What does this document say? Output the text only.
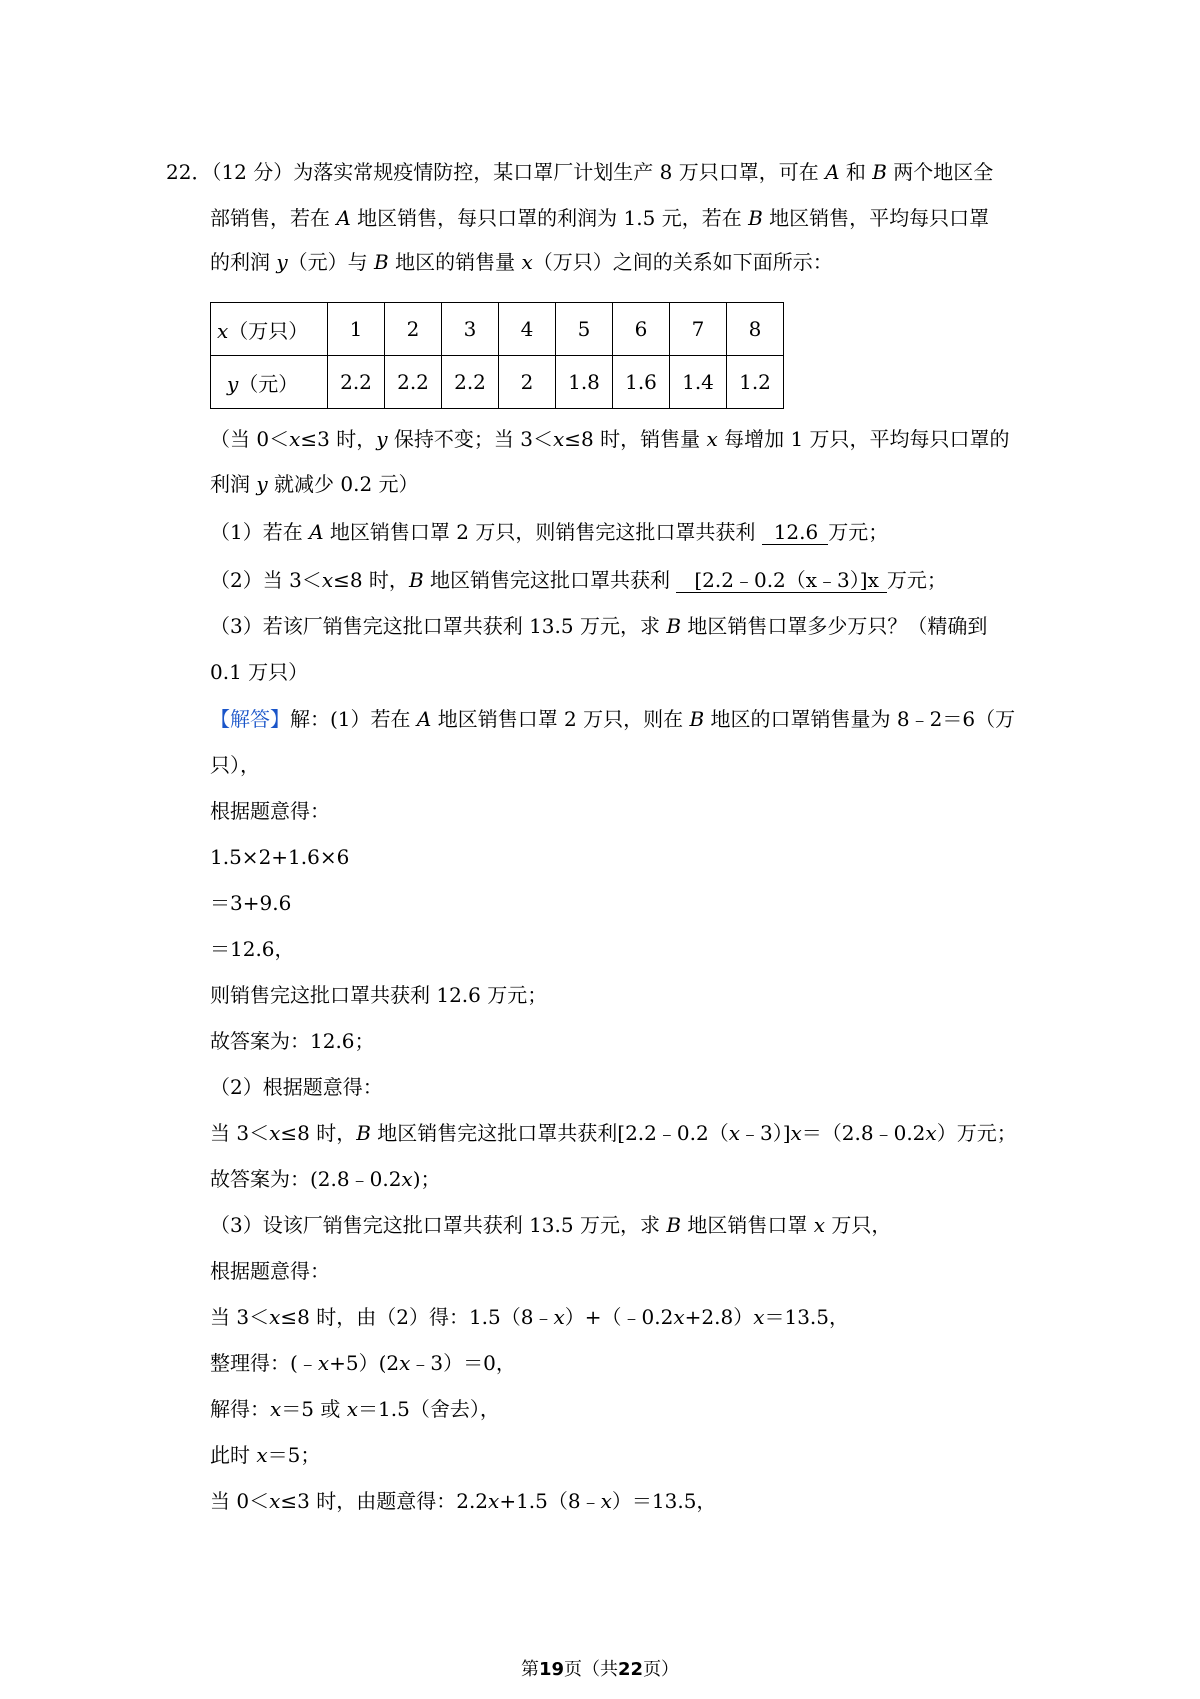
22．（12 分）为落实常规疫情防控，某口罩厂计划生产 8 万只口罩，可在 A 和 B 两个地区全
部销售，若在 A 地区销售，每只口罩的利润为 1.5 元，若在 B 地区销售，平均每只口罩
的利润 y（元）与 B 地区的销售量 x（万只）之间的关系如下面所示：
x（万只）	1	2	3	4	5	6	7	8
y（元）	2.2	2.2	2.2	2	1.8	1.6	1.4	1.2
（当 0＜x≤3 时，y 保持不变；当 3＜x≤8 时，销售量 x 每增加 1 万只，平均每只口罩的
利润 y 就减少 0.2 元）
（1）若在 A 地区销售口罩 2 万只，则销售完这批口罩共获利 12.6 万元；
（2）当 3＜x≤8 时，B 地区销售完这批口罩共获利 [2.2﹣0.2（x﹣3）]x 万元；
（3）若该厂销售完这批口罩共获利 13.5 万元，求 B 地区销售口罩多少万只？（精确到
0.1 万只）
【解答】解：(1）若在 A 地区销售口罩 2 万只，则在 B 地区的口罩销售量为 8﹣2＝6（万
只），
根据题意得：
1.5×2+1.6×6
＝3+9.6
＝12.6，
则销售完这批口罩共获利 12.6 万元；
故答案为：12.6；
（2）根据题意得：
当 3＜x≤8 时，B 地区销售完这批口罩共获利[2.2﹣0.2（x﹣3）]x＝（2.8﹣0.2x）万元；
故答案为：(2.8﹣0.2x)；
（3）设该厂销售完这批口罩共获利 13.5 万元，求 B 地区销售口罩 x 万只，
根据题意得：
当 3＜x≤8 时，由（2）得：1.5（8﹣x）+（﹣0.2x+2.8）x＝13.5，
整理得：(﹣x+5）(2x﹣3）＝0，
解得：x＝5 或 x＝1.5（舍去），
此时 x＝5；
当 0＜x≤3 时，由题意得：2.2x+1.5（8﹣x）＝13.5，
第19页（共22页）
